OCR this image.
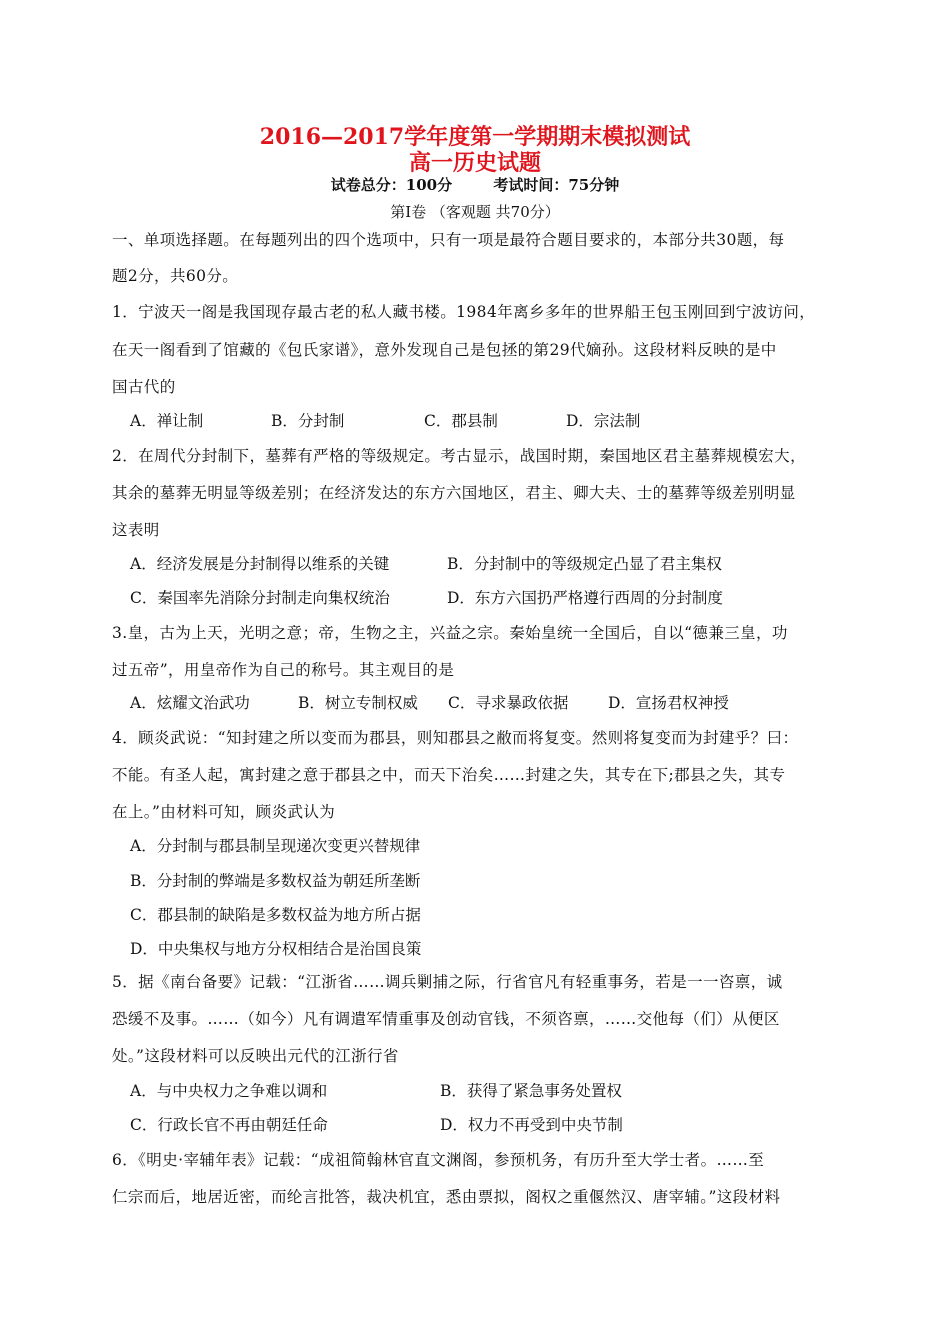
2016—2017学年度第一学期期末模拟测试
高一历史试题
试卷总分：100分	考试时间：75分钟
第Ⅰ卷 （客观题 共70分）
一、单项选择题。在每题列出的四个选项中，只有一项是最符合题目要求的，本部分共30题，每
题2分，共60分。
1．宁波天一阁是我国现存最古老的私人藏书楼。1984年离乡多年的世界船王包玉刚回到宁波访问，
在天一阁看到了馆藏的《包氏家谱》，意外发现自己是包拯的第29代嫡孙。这段材料反映的是中
国古代的
A．禅让制	B．分封制	C．郡县制	D．宗法制
2．在周代分封制下，墓葬有严格的等级规定。考古显示，战国时期，秦国地区君主墓葬规模宏大，
其余的墓葬无明显等级差别；在经济发达的东方六国地区，君主、卿大夫、士的墓葬等级差别明显
这表明
A．经济发展是分封制得以维系的关键	B．分封制中的等级规定凸显了君主集权
C．秦国率先消除分封制走向集权统治	D．东方六国扔严格遵行西周的分封制度
3.皇，古为上天，光明之意；帝，生物之主，兴益之宗。秦始皇统一全国后，自以“德兼三皇，功
过五帝”，用皇帝作为自己的称号。其主观目的是
A．炫耀文治武功	B．树立专制权威 C．寻求暴政依据	D．宣扬君权神授
4．顾炎武说：“知封建之所以变而为郡县，则知郡县之敝而将复变。然则将复变而为封建乎？曰：
不能。有圣人起，寓封建之意于郡县之中，而天下治矣……封建之失，其专在下;郡县之失，其专
在上。”由材料可知，顾炎武认为
A．分封制与郡县制呈现递次变更兴替规律
B．分封制的弊端是多数权益为朝廷所垄断
C．郡县制的缺陷是多数权益为地方所占据
D．中央集权与地方分权相结合是治国良策
5．据《南台备要》记载：“江浙省……调兵剿捕之际，行省官凡有轻重事务，若是一一咨禀，诚
恐缓不及事。……（如今）凡有调遣军情重事及创动官钱，不须咨禀，……交他每（们）从便区
处。”这段材料可以反映出元代的江浙行省
A．与中央权力之争难以调和	B．获得了紧急事务处置权
C．行政长官不再由朝廷任命	D．权力不再受到中央节制
6．《明史·宰辅年表》记载：“成祖简翰林官直文渊阁，参预机务，有历升至大学士者。……至
仁宗而后，地居近密，而纶言批答，裁决机宜，悉由票拟，阁权之重偃然汉、唐宰辅。”这段材料
